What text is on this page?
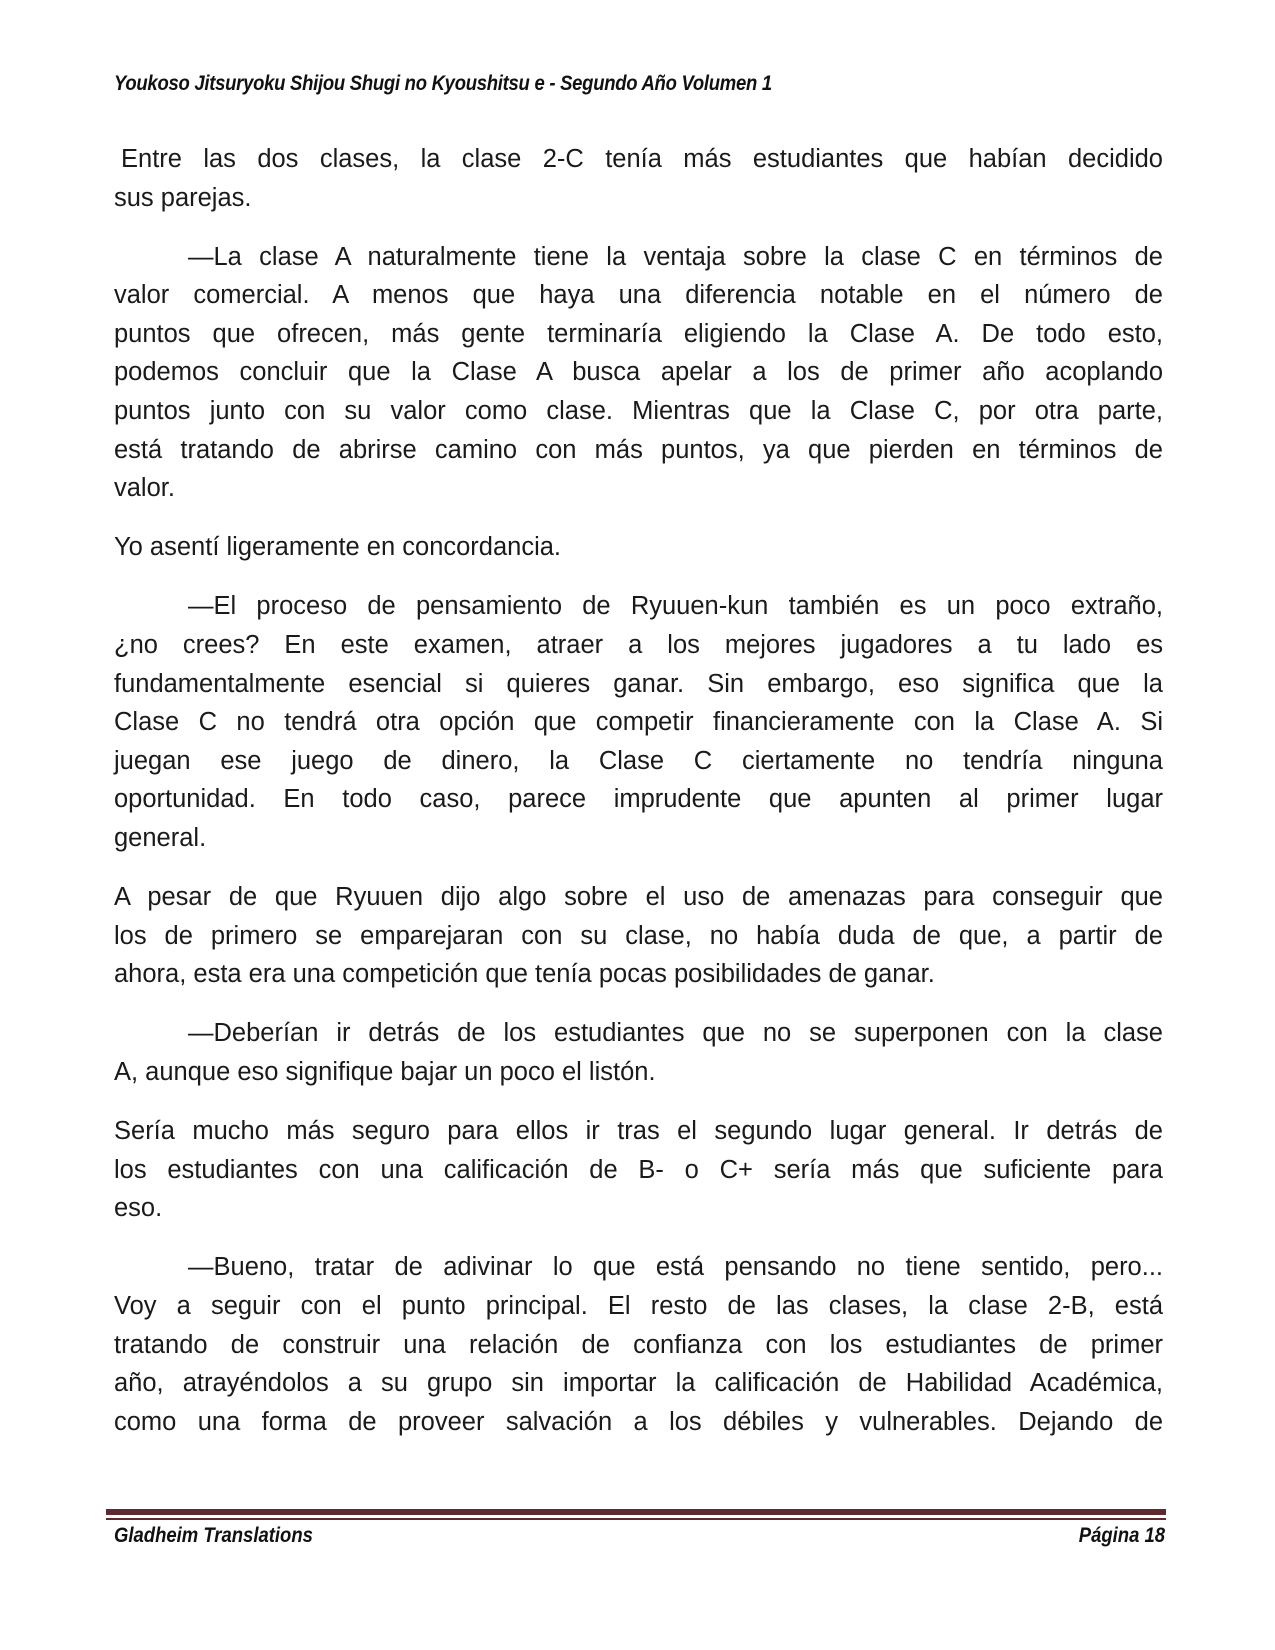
Youkoso Jitsuryoku Shijou Shugi no Kyoushitsu e - Segundo Año Volumen 1
Entre las dos clases, la clase 2-C tenía más estudiantes que habían decidido
sus parejas.
—La clase A naturalmente tiene la ventaja sobre la clase C en términos de
valor comercial. A menos que haya una diferencia notable en el número de
puntos que ofrecen, más gente terminaría eligiendo la Clase A. De todo esto,
podemos concluir que la Clase A busca apelar a los de primer año acoplando
puntos junto con su valor como clase. Mientras que la Clase C, por otra parte,
está tratando de abrirse camino con más puntos, ya que pierden en términos de
valor.
Yo asentí ligeramente en concordancia.
—El proceso de pensamiento de Ryuuen-kun también es un poco extraño,
¿no crees? En este examen, atraer a los mejores jugadores a tu lado es
fundamentalmente esencial si quieres ganar. Sin embargo, eso significa que la
Clase C no tendrá otra opción que competir financieramente con la Clase A. Si
juegan ese juego de dinero, la Clase C ciertamente no tendría ninguna
oportunidad. En todo caso, parece imprudente que apunten al primer lugar
general.
A pesar de que Ryuuen dijo algo sobre el uso de amenazas para conseguir que
los de primero se emparejaran con su clase, no había duda de que, a partir de
ahora, esta era una competición que tenía pocas posibilidades de ganar.
—Deberían ir detrás de los estudiantes que no se superponen con la clase
A, aunque eso signifique bajar un poco el listón.
Sería mucho más seguro para ellos ir tras el segundo lugar general. Ir detrás de
los estudiantes con una calificación de B- o C+ sería más que suficiente para
eso.
—Bueno, tratar de adivinar lo que está pensando no tiene sentido, pero...
Voy a seguir con el punto principal. El resto de las clases, la clase 2-B, está
tratando de construir una relación de confianza con los estudiantes de primer
año, atrayéndolos a su grupo sin importar la calificación de Habilidad Académica,
como una forma de proveer salvación a los débiles y vulnerables. Dejando de
Gladheim Translations	Página 18
